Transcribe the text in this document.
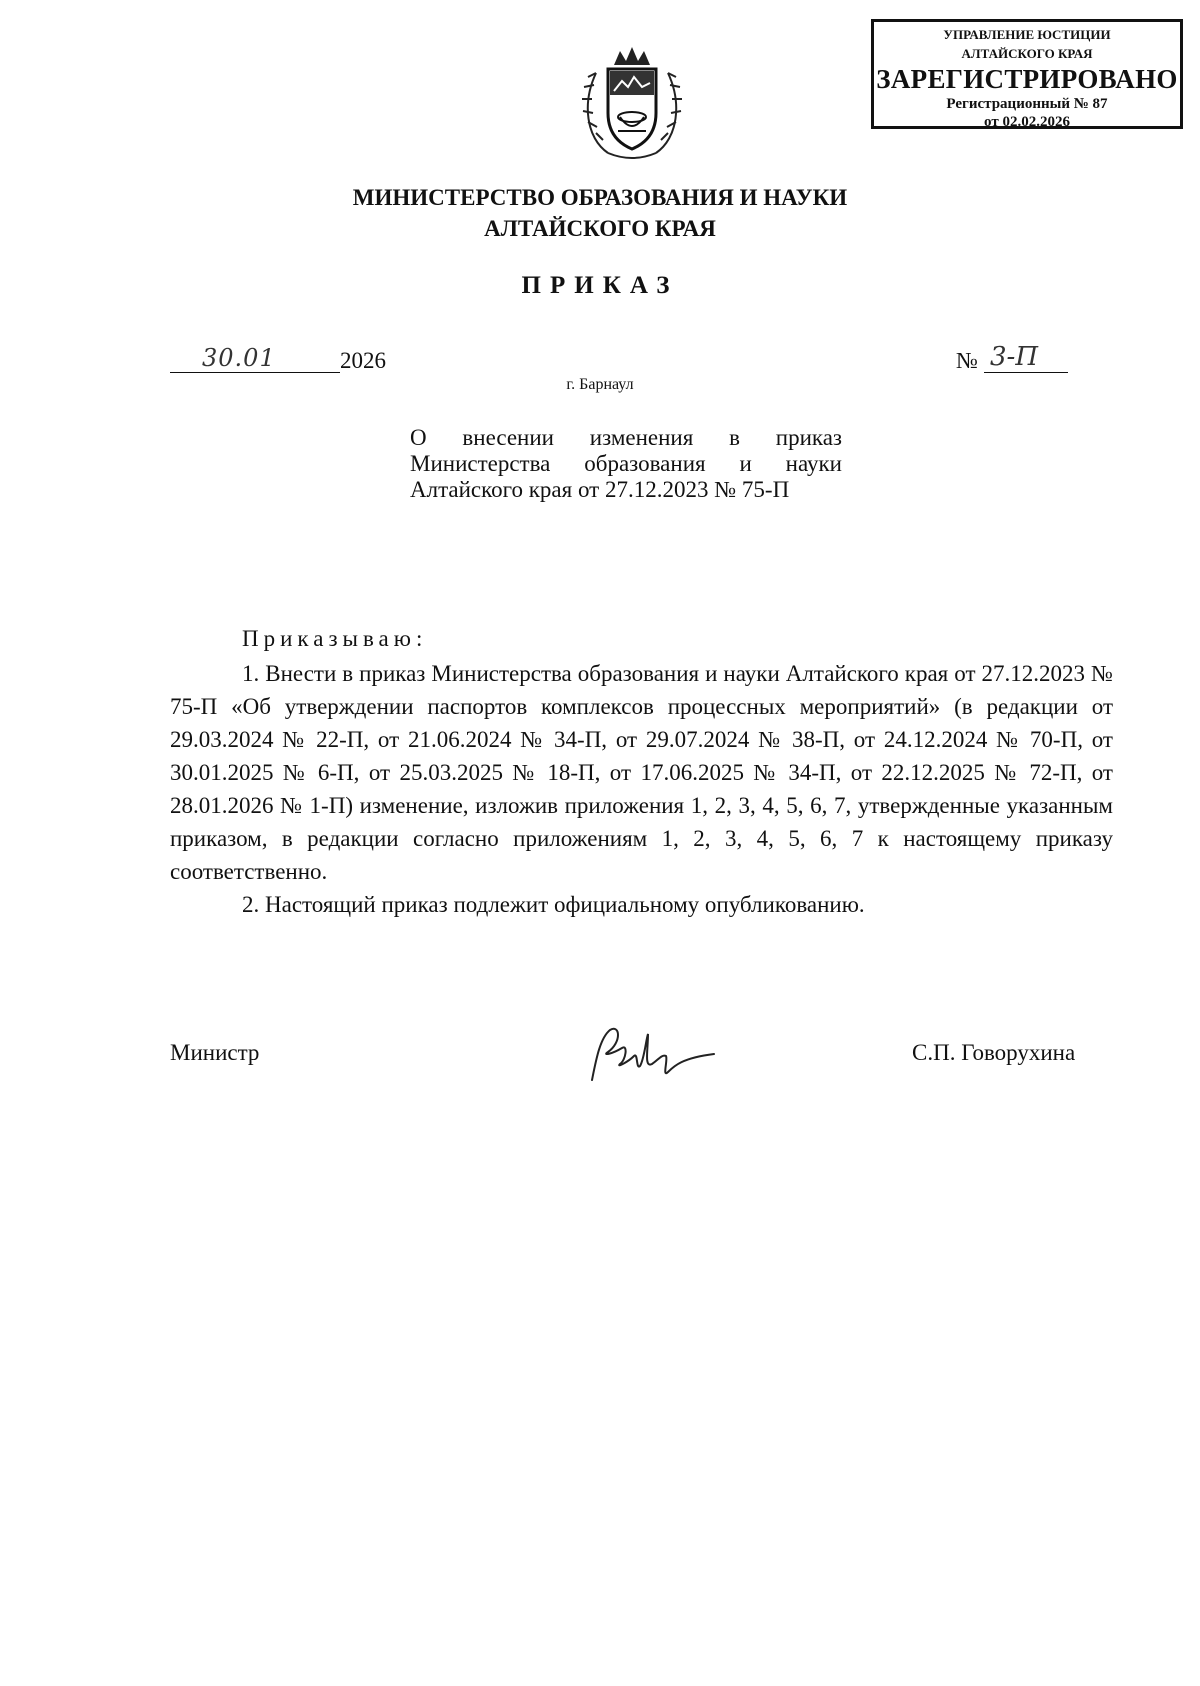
УПРАВЛЕНИЕ ЮСТИЦИИ
АЛТАЙСКОГО КРАЯ
ЗАРЕГИСТРИРОВАНО
Регистрационный № 87
от 02.02.2026
МИНИСТЕРСТВО ОБРАЗОВАНИЯ И НАУКИ
АЛТАЙСКОГО КРАЯ
ПРИКАЗ
30.01	2026	№ 3-П
г. Барнаул
О внесении изменения в приказ Министерства образования и науки Алтайского края от 27.12.2023 № 75-П
Приказываю:

1. Внести в приказ Министерства образования и науки Алтайского края от 27.12.2023 № 75-П «Об утверждении паспортов комплексов процессных мероприятий» (в редакции от 29.03.2024 № 22-П, от 21.06.2024 № 34-П, от 29.07.2024 № 38-П, от 24.12.2024 № 70-П, от 30.01.2025 № 6-П, от 25.03.2025 № 18-П, от 17.06.2025 № 34-П, от 22.12.2025 № 72-П, от 28.01.2026 № 1-П) изменение, изложив приложения 1, 2, 3, 4, 5, 6, 7, утвержденные указанным приказом, в редакции согласно приложениям 1, 2, 3, 4, 5, 6, 7 к настоящему приказу соответственно.

2. Настоящий приказ подлежит официальному опубликованию.

Министр	С.П. Говорухина
